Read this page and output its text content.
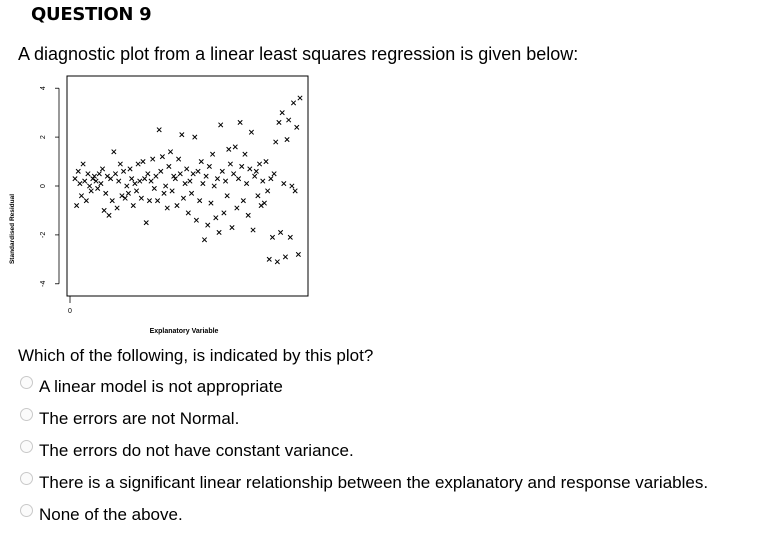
QUESTION 9
A diagnostic plot from a linear least squares regression is given below:
4
2
0
-2
-4
0
Standardised Residual
Explanatory Variable
Which of the following, is indicated by this plot?
A linear model is not appropriate
The errors are not Normal.
The errors do not have constant variance.
There is a significant linear relationship between the explanatory and response variables.
None of the above.
